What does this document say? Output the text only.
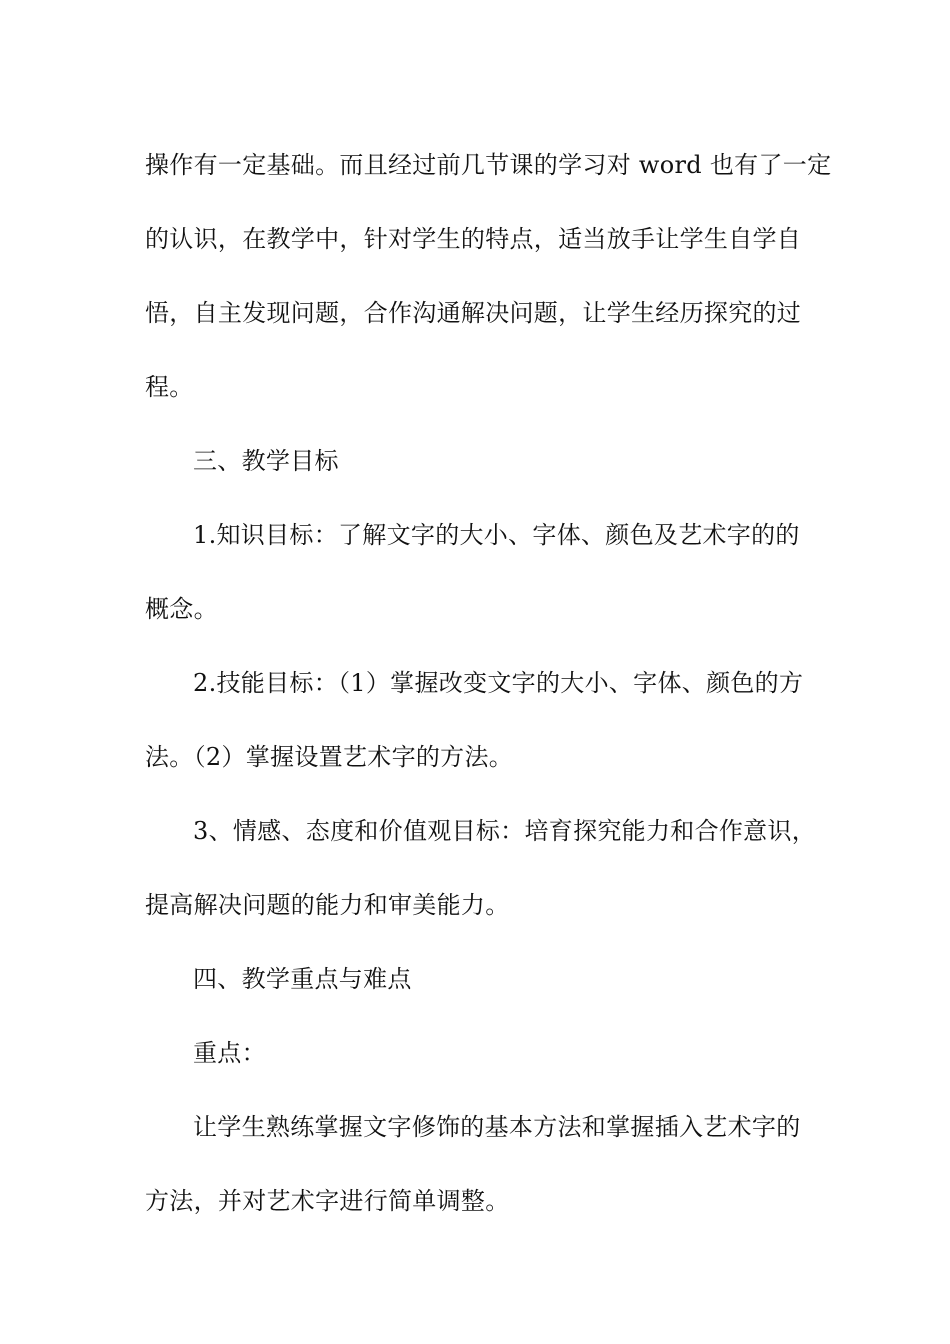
操作有一定基础。而且经过前几节课的学习对 word 也有了一定
的认识，在教学中，针对学生的特点，适当放手让学生自学自
悟，自主发现问题，合作沟通解决问题，让学生经历探究的过
程。

三、教学目标

1.知识目标：了解文字的大小、字体、颜色及艺术字的的
概念。

2.技能目标：（1）掌握改变文字的大小、字体、颜色的方
法。（2）掌握设置艺术字的方法。

3、情感、态度和价值观目标：培育探究能力和合作意识，
提高解决问题的能力和审美能力。

四、教学重点与难点

重点：

让学生熟练掌握文字修饰的基本方法和掌握插入艺术字的
方法，并对艺术字进行简单调整。
